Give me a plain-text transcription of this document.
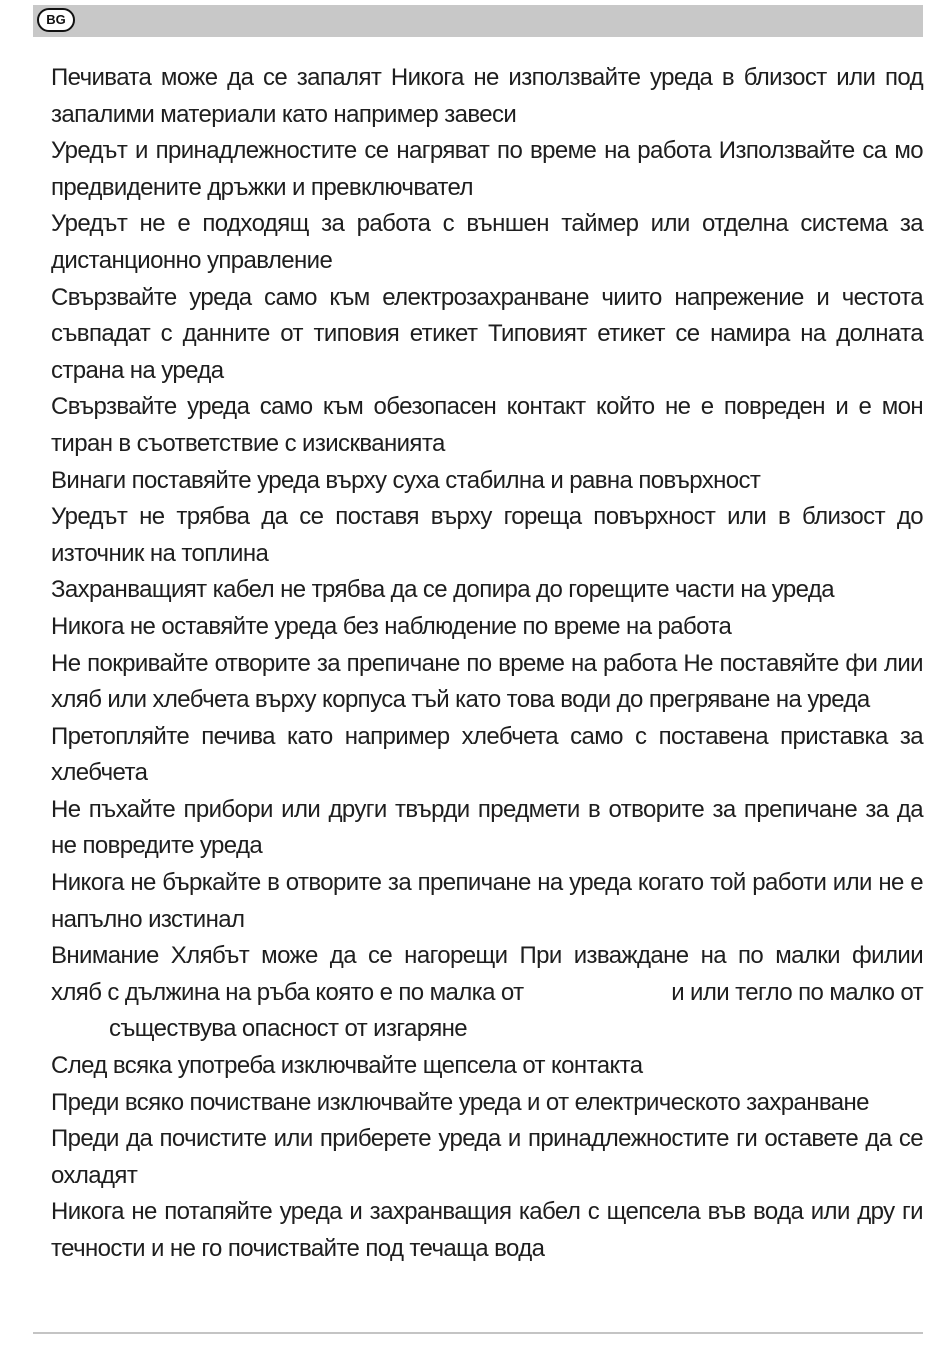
BG

Печивата може да се запалят Никога не използвайте уреда в близост или под запалими материали като например завеси

Уредът и принадлежностите се нагряват по време на работа Използвайте са мо предвидените дръжки и превключвател

Уредът не е подходящ за работа с външен таймер или отделна система за дистанционно управление

Свързвайте уреда само към електрозахранване чиито напрежение и честота съвпадат с данните от типовия етикет Типовият етикет се намира на долната страна на уреда

Свързвайте уреда само към обезопасен контакт който не е повреден и е мон тиран в съответствие с изискванията

Винаги поставяйте уреда върху суха стабилна и равна повърхност

Уредът не трябва да се поставя върху гореща повърхност или в близост до източник на топлина

Захранващият кабел не трябва да се допира до горещите части на уреда

Никога не оставяйте уреда без наблюдение по време на работа

Не покривайте отворите за препичане по време на работа Не поставяйте фи лии хляб или хлебчета върху корпуса тъй като това води до прегряване на уреда

Претопляйте печива като например хлебчета само с поставена приставка за хлебчета

Не пъхайте прибори или други твърди предмети в отворите за препичане за да не повредите уреда

Никога не бъркайте в отворите за препичане на уреда когато той работи или не е напълно изстинал

Внимание Хлябът може да се нагорещи При изваждане на по малки филии
хляб с дължина на ръба която е по малка от	и или тегло по малко от
съществува опасност от изгаряне

След всяка употреба изключвайте щепсела от контакта

Преди всяко почистване изключвайте уреда и от електрическото захранване

Преди да почистите или приберете уреда и принадлежностите ги оставете да се охладят

Никога не потапяйте уреда и захранващия кабел с щепсела във вода или дру ги течности и не го почиствайте под течаща вода
